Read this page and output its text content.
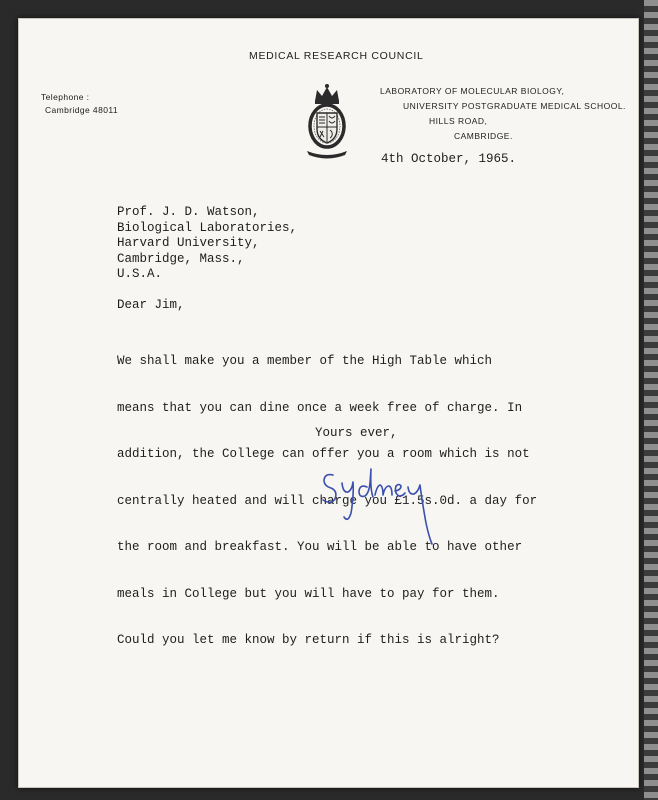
MEDICAL RESEARCH COUNCIL
Telephone :
Cambridge 48011
LABORATORY OF MOLECULAR BIOLOGY,
UNIVERSITY POSTGRADUATE MEDICAL SCHOOL.
HILLS ROAD,
CAMBRIDGE.
4th October, 1965.
Prof. J. D. Watson,
Biological Laboratories,
Harvard University,
Cambridge, Mass.,
U.S.A.
Dear Jim,

We shall make you a member of the High Table which

means that you can dine once a week free of charge. In

addition, the College can offer you a room which is not

centrally heated and will charge you £1.5s.0d. a day for

the room and breakfast. You will be able to have other

meals in College but you will have to pay for them.

Could you let me know by return if this is alright?

Yours ever,
